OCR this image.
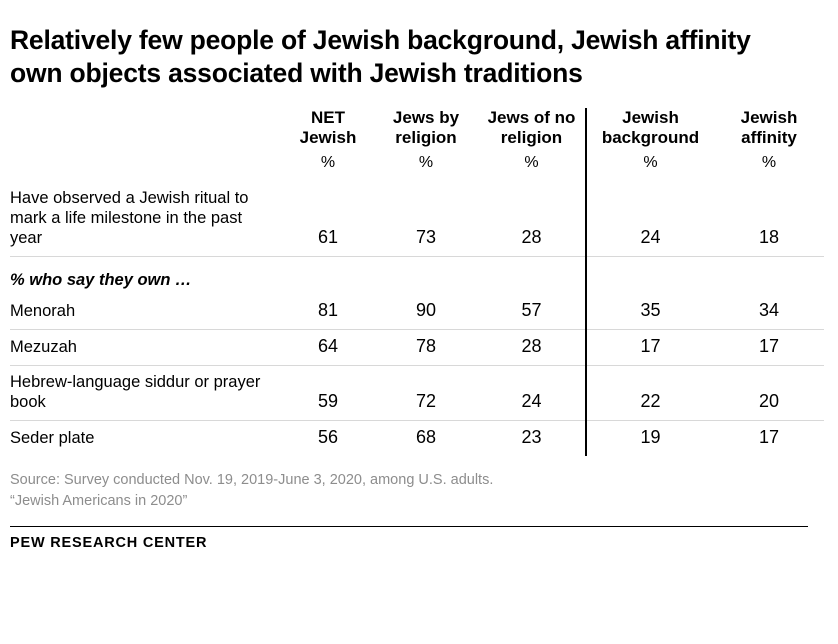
Relatively few people of Jewish background, Jewish affinity own objects associated with Jewish traditions

NET
Jewish

Jews by
religion

Jews of no
religion

Jewish
background

Jewish
affinity

	%	%	%	%	%
Have observed a Jewish ritual to mark a life milestone in the past year	61	73	28	24	18
% who say they own …					
Menorah	81	90	57	35	34
Mezuzah	64	78	28	17	17
Hebrew-language siddur or prayer book	59	72	24	22	20
Seder plate	56	68	23	19	17

Source: Survey conducted Nov. 19, 2019-June 3, 2020, among U.S. adults.

“Jewish Americans in 2020”

PEW RESEARCH CENTER
